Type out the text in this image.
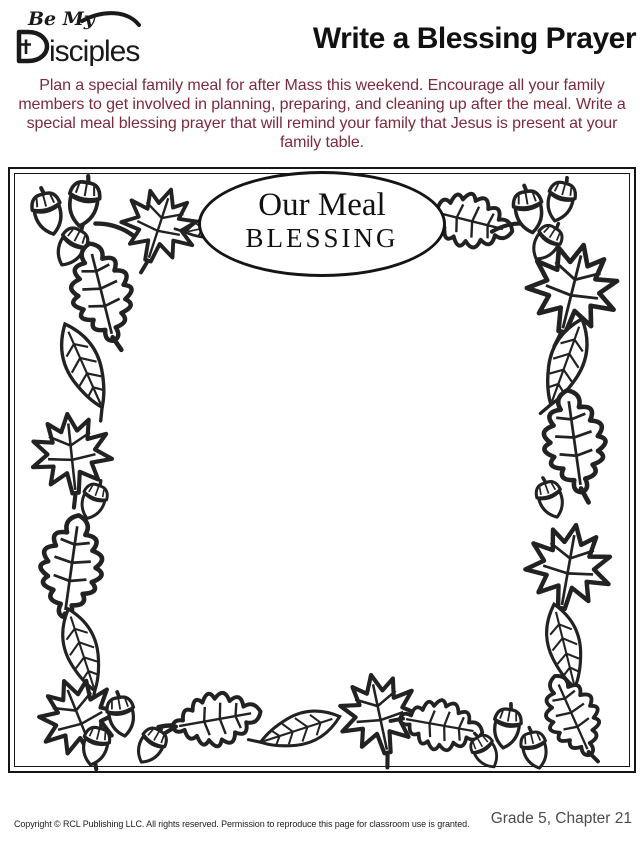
Be My
isciples	Write a Blessing Prayer
Plan a special family meal for after Mass this weekend. Encourage all your family members to get involved in planning, preparing, and cleaning up after the meal. Write a special meal blessing prayer that will remind your family that Jesus is present at your family table.
Our Meal
BLESSING
Copyright © RCL Publishing LLC. All rights reserved. Permission to reproduce this page for classroom use is granted. Grade 5, Chapter 21
